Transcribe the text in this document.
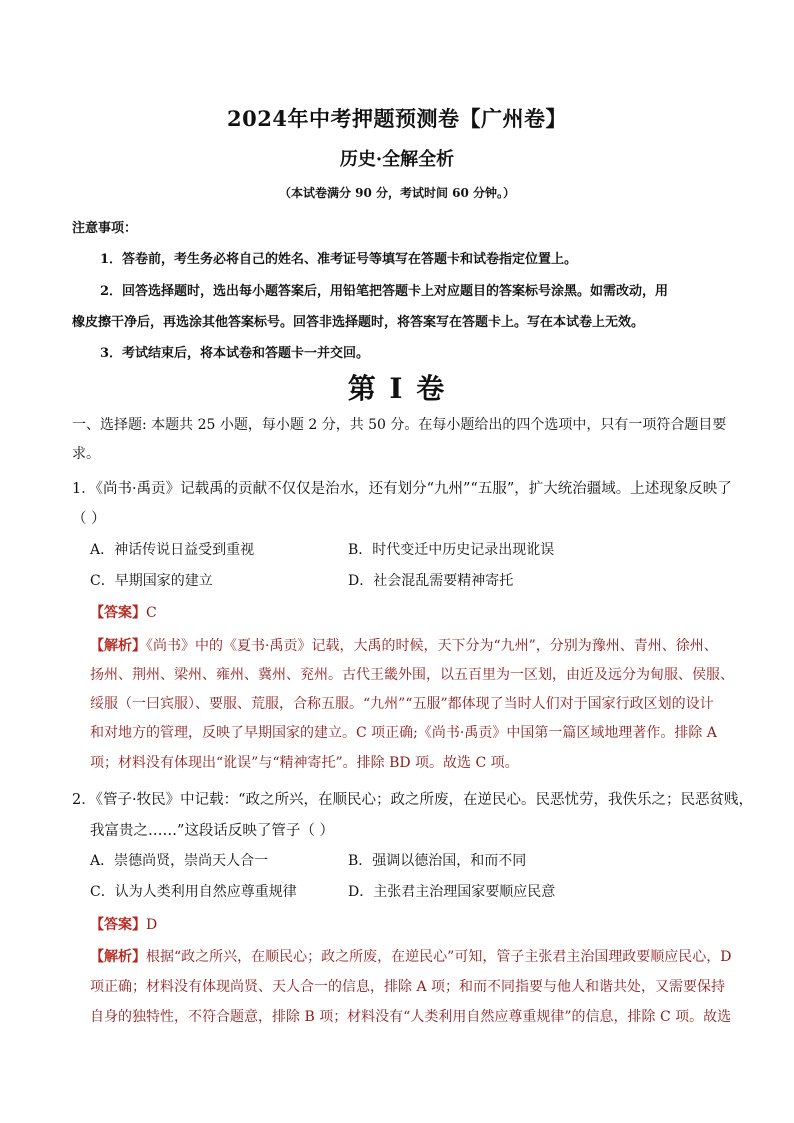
2024年中考押题预测卷【广州卷】
历史·全解全析
（本试卷满分 90 分，考试时间 60 分钟。）
注意事项：
1．答卷前，考生务必将自己的姓名、准考证号等填写在答题卡和试卷指定位置上。
2．回答选择题时，选出每小题答案后，用铅笔把答题卡上对应题目的答案标号涂黑。如需改动，用
橡皮擦干净后，再选涂其他答案标号。回答非选择题时，将答案写在答题卡上。写在本试卷上无效。
3．考试结束后，将本试卷和答题卡一并交回。
第 I 卷
一、选择题: 本题共 25 小题，每小题 2 分，共 50 分。在每小题给出的四个选项中，只有一项符合题目要
求。
1．《尚书·禹贡》记载禹的贡献不仅仅是治水，还有划分“九州”“五服”，扩大统治疆域。上述现象反映了
（ ）
A．神话传说日益受到重视	B．时代变迁中历史记录出现讹误
C．早期国家的建立	D．社会混乱需要精神寄托
【答案】C
【解析】《尚书》中的《夏书·禹贡》记载，大禹的时候，天下分为“九州”，分别为豫州、青州、徐州、
扬州、荆州、梁州、雍州、冀州、兖州。古代王畿外围，以五百里为一区划，由近及远分为甸服、侯服、
绥服（一曰宾服）、要服、荒服，合称五服。“九州”“五服”都体现了当时人们对于国家行政区划的设计
和对地方的管理，反映了早期国家的建立。C 项正确;《尚书·禹贡》中国第一篇区域地理著作。排除 A
项；材料没有体现出“讹误”与“精神寄托”。排除 BD 项。故选 C 项。
2．《管子·牧民》中记载：“政之所兴，在顺民心；政之所废，在逆民心。民恶忧劳，我佚乐之；民恶贫贱，
我富贵之……”这段话反映了管子（ ）
A．崇德尚贤，崇尚天人合一	B．强调以德治国，和而不同
C．认为人类利用自然应尊重规律	D．主张君主治理国家要顺应民意
【答案】D
【解析】根据“政之所兴，在顺民心；政之所废，在逆民心”可知，管子主张君主治国理政要顺应民心，D
项正确；材料没有体现尚贤、天人合一的信息，排除 A 项；和而不同指要与他人和谐共处，又需要保持
自身的独特性，不符合题意，排除 B 项；材料没有“人类利用自然应尊重规律”的信息，排除 C 项。故选
